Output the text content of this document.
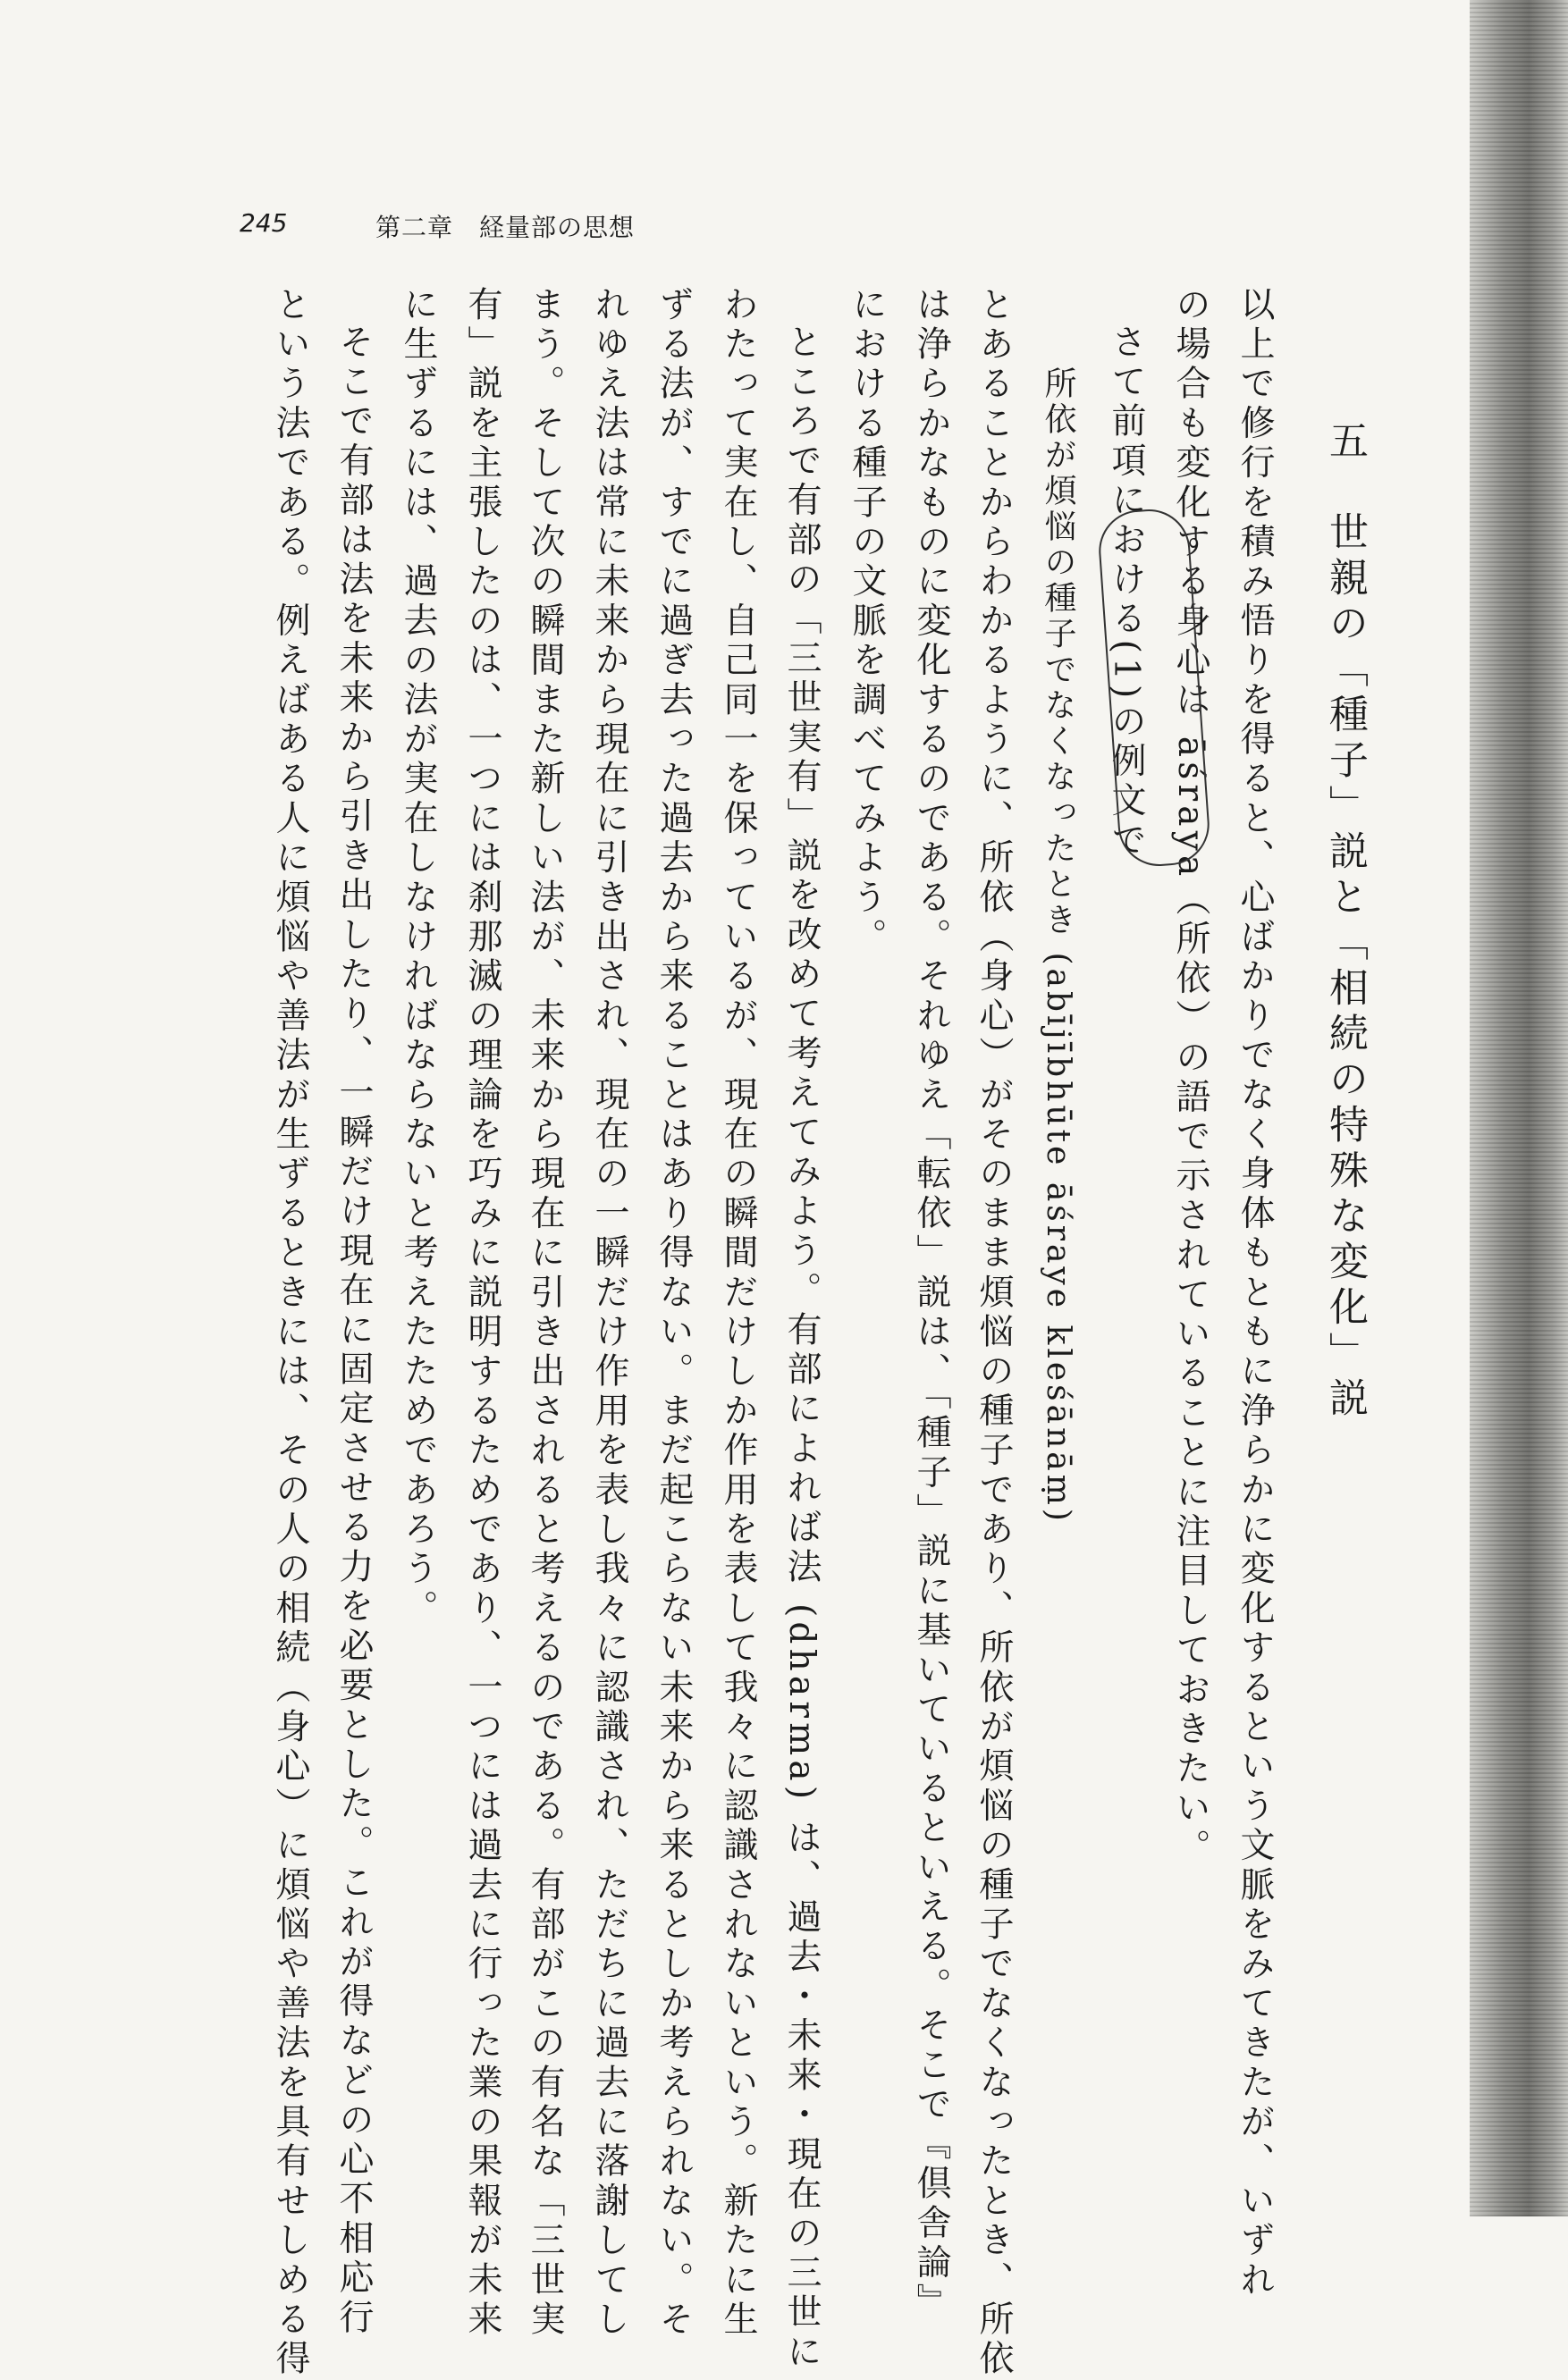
245	第二章　経量部の思想
五　世親の「種子」説と「相続の特殊な変化」説
以上で修行を積み悟りを得ると、心ばかりでなく身体もともに浄らかに変化するという文脈をみてきたが、いずれ
の場合も変化する身心は āśraya（所依）の語で示されていることに注目しておきたい。
さて前項における(1)の例文で
所依が煩悩の種子でなくなったとき (abījībhūte āśraye kleśānāṃ)
とあることからわかるように、所依（身心）がそのまま煩悩の種子であり、所依が煩悩の種子でなくなったとき、所依
は浄らかなものに変化するのである。それゆえ「転依」説は、「種子」説に基いているといえる。そこで『倶舎論』
における種子の文脈を調べてみよう。
ところで有部の「三世実有」説を改めて考えてみよう。有部によれば法 (dharma) は、過去・未来・現在の三世に
わたって実在し、自己同一を保っているが、現在の瞬間だけしか作用を表して我々に認識されないという。新たに生
ずる法が、すでに過ぎ去った過去から来ることはあり得ない。まだ起こらない未来から来るとしか考えられない。そ
れゆえ法は常に未来から現在に引き出され、現在の一瞬だけ作用を表し我々に認識され、ただちに過去に落謝してし
まう。そして次の瞬間また新しい法が、未来から現在に引き出されると考えるのである。有部がこの有名な「三世実
有」説を主張したのは、一つには刹那滅の理論を巧みに説明するためであり、一つには過去に行った業の果報が未来
に生ずるには、過去の法が実在しなければならないと考えたためであろう。
そこで有部は法を未来から引き出したり、一瞬だけ現在に固定させる力を必要とした。これが得などの心不相応行
という法である。例えばある人に煩悩や善法が生ずるときには、その人の相続（身心）に煩悩や善法を具有せしめる得
